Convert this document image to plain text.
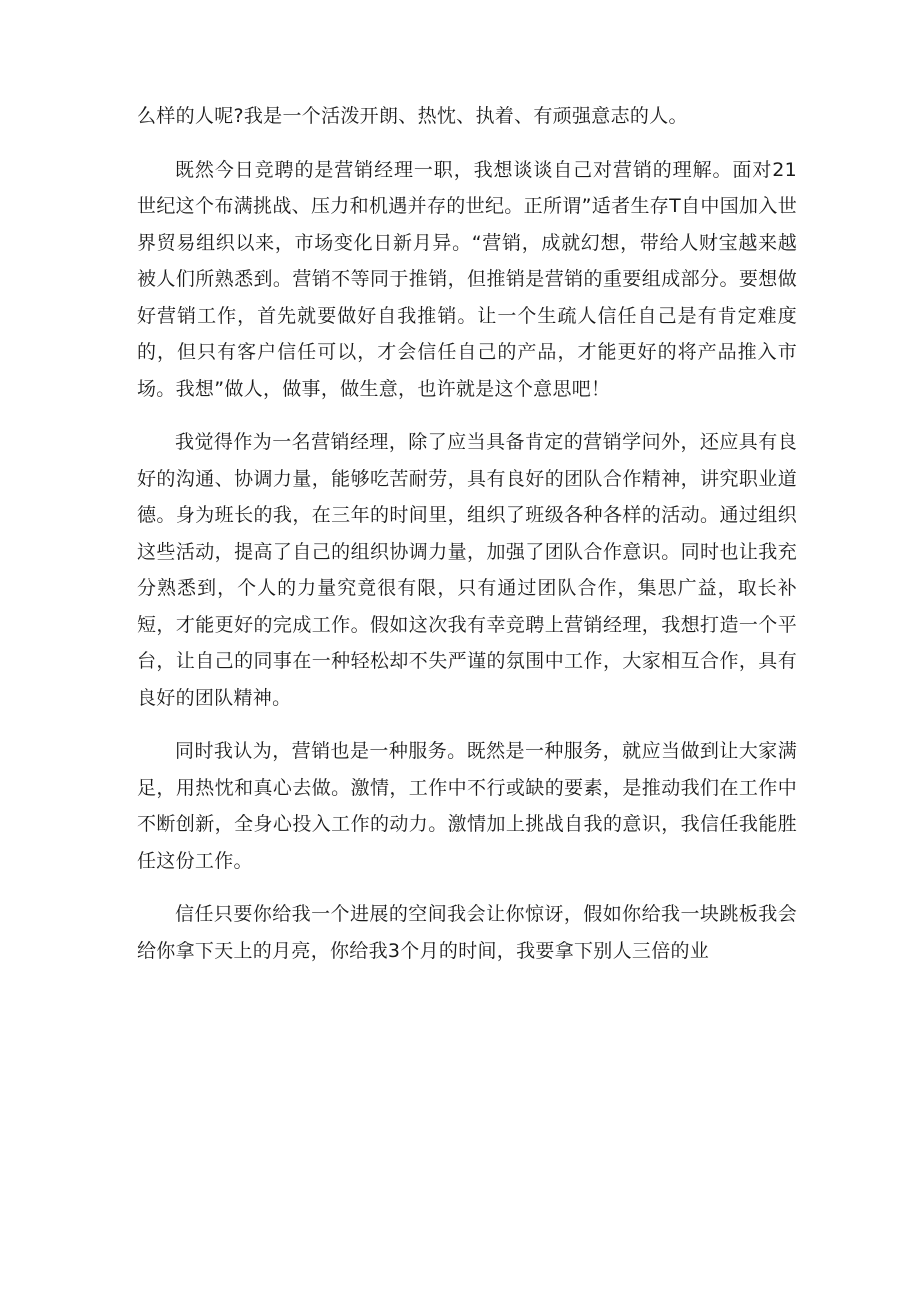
么样的人呢?我是一个活泼开朗、热忱、执着、有顽强意志的人。

既然今日竞聘的是营销经理一职，我想谈谈自己对营销的理解。面对21世纪这个布满挑战、压力和机遇并存的世纪。正所谓”适者生存T自中国加入世界贸易组织以来，市场变化日新月异。“营销，成就幻想，带给人财宝越来越被人们所熟悉到。营销不等同于推销，但推销是营销的重要组成部分。要想做好营销工作，首先就要做好自我推销。让一个生疏人信任自己是有肯定难度的，但只有客户信任可以，才会信任自己的产品，才能更好的将产品推入市场。我想”做人，做事，做生意，也许就是这个意思吧！

我觉得作为一名营销经理，除了应当具备肯定的营销学问外，还应具有良好的沟通、协调力量，能够吃苦耐劳，具有良好的团队合作精神，讲究职业道德。身为班长的我，在三年的时间里，组织了班级各种各样的活动。通过组织这些活动，提高了自己的组织协调力量，加强了团队合作意识。同时也让我充分熟悉到，个人的力量究竟很有限，只有通过团队合作，集思广益，取长补短，才能更好的完成工作。假如这次我有幸竞聘上营销经理，我想打造一个平台，让自己的同事在一种轻松却不失严谨的氛围中工作，大家相互合作，具有良好的团队精神。

同时我认为，营销也是一种服务。既然是一种服务，就应当做到让大家满足，用热忱和真心去做。激情，工作中不行或缺的要素，是推动我们在工作中不断创新，全身心投入工作的动力。激情加上挑战自我的意识，我信任我能胜任这份工作。

信任只要你给我一个进展的空间我会让你惊讶，假如你给我一块跳板我会给你拿下天上的月亮，你给我3个月的时间，我要拿下别人三倍的业
